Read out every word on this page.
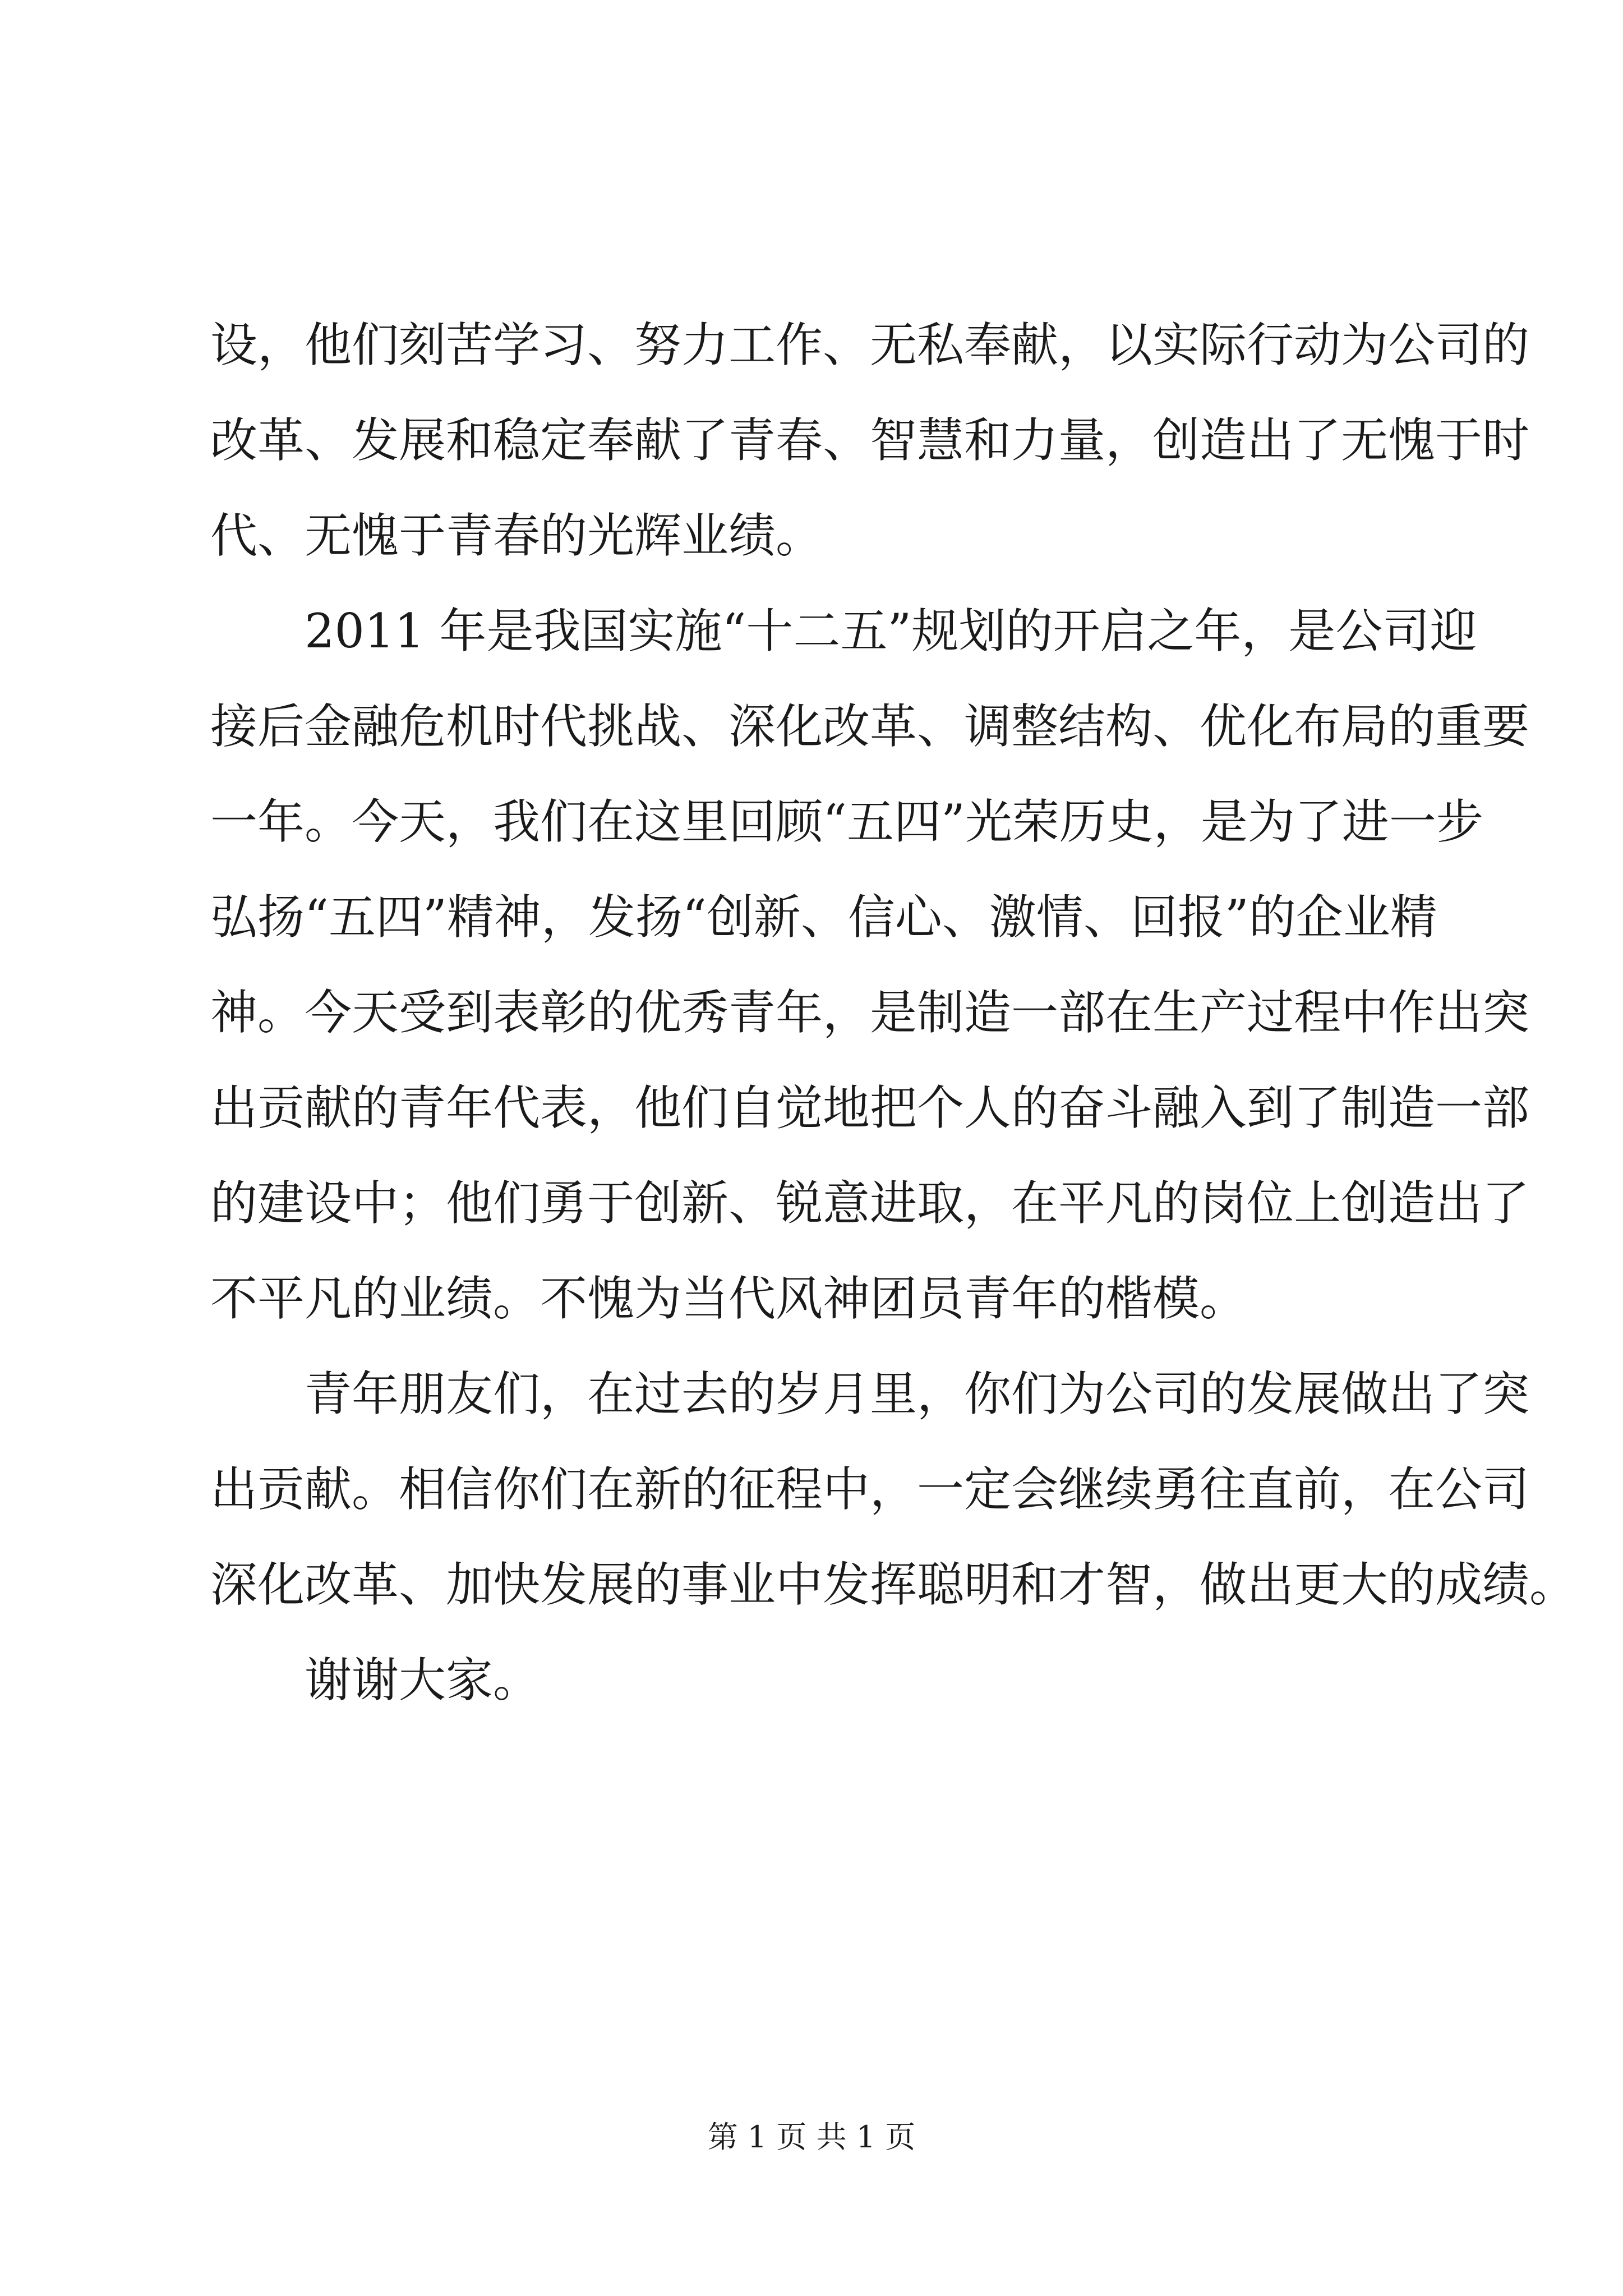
设，他们刻苦学习、努力工作、无私奉献，以实际行动为公司的
改革、发展和稳定奉献了青春、智慧和力量，创造出了无愧于时
代、无愧于青春的光辉业绩。
2011 年是我国实施“十二五”规划的开启之年，是公司迎
接后金融危机时代挑战、深化改革、调整结构、优化布局的重要
一年。今天，我们在这里回顾“五四”光荣历史，是为了进一步
弘扬“五四”精神，发扬“创新、信心、激情、回报”的企业精
神。今天受到表彰的优秀青年，是制造一部在生产过程中作出突
出贡献的青年代表，他们自觉地把个人的奋斗融入到了制造一部
的建设中；他们勇于创新、锐意进取，在平凡的岗位上创造出了
不平凡的业绩。不愧为当代风神团员青年的楷模。
青年朋友们，在过去的岁月里，你们为公司的发展做出了突
出贡献。相信你们在新的征程中，一定会继续勇往直前，在公司
深化改革、加快发展的事业中发挥聪明和才智，做出更大的成绩。
谢谢大家。
第 1 页 共 1 页
